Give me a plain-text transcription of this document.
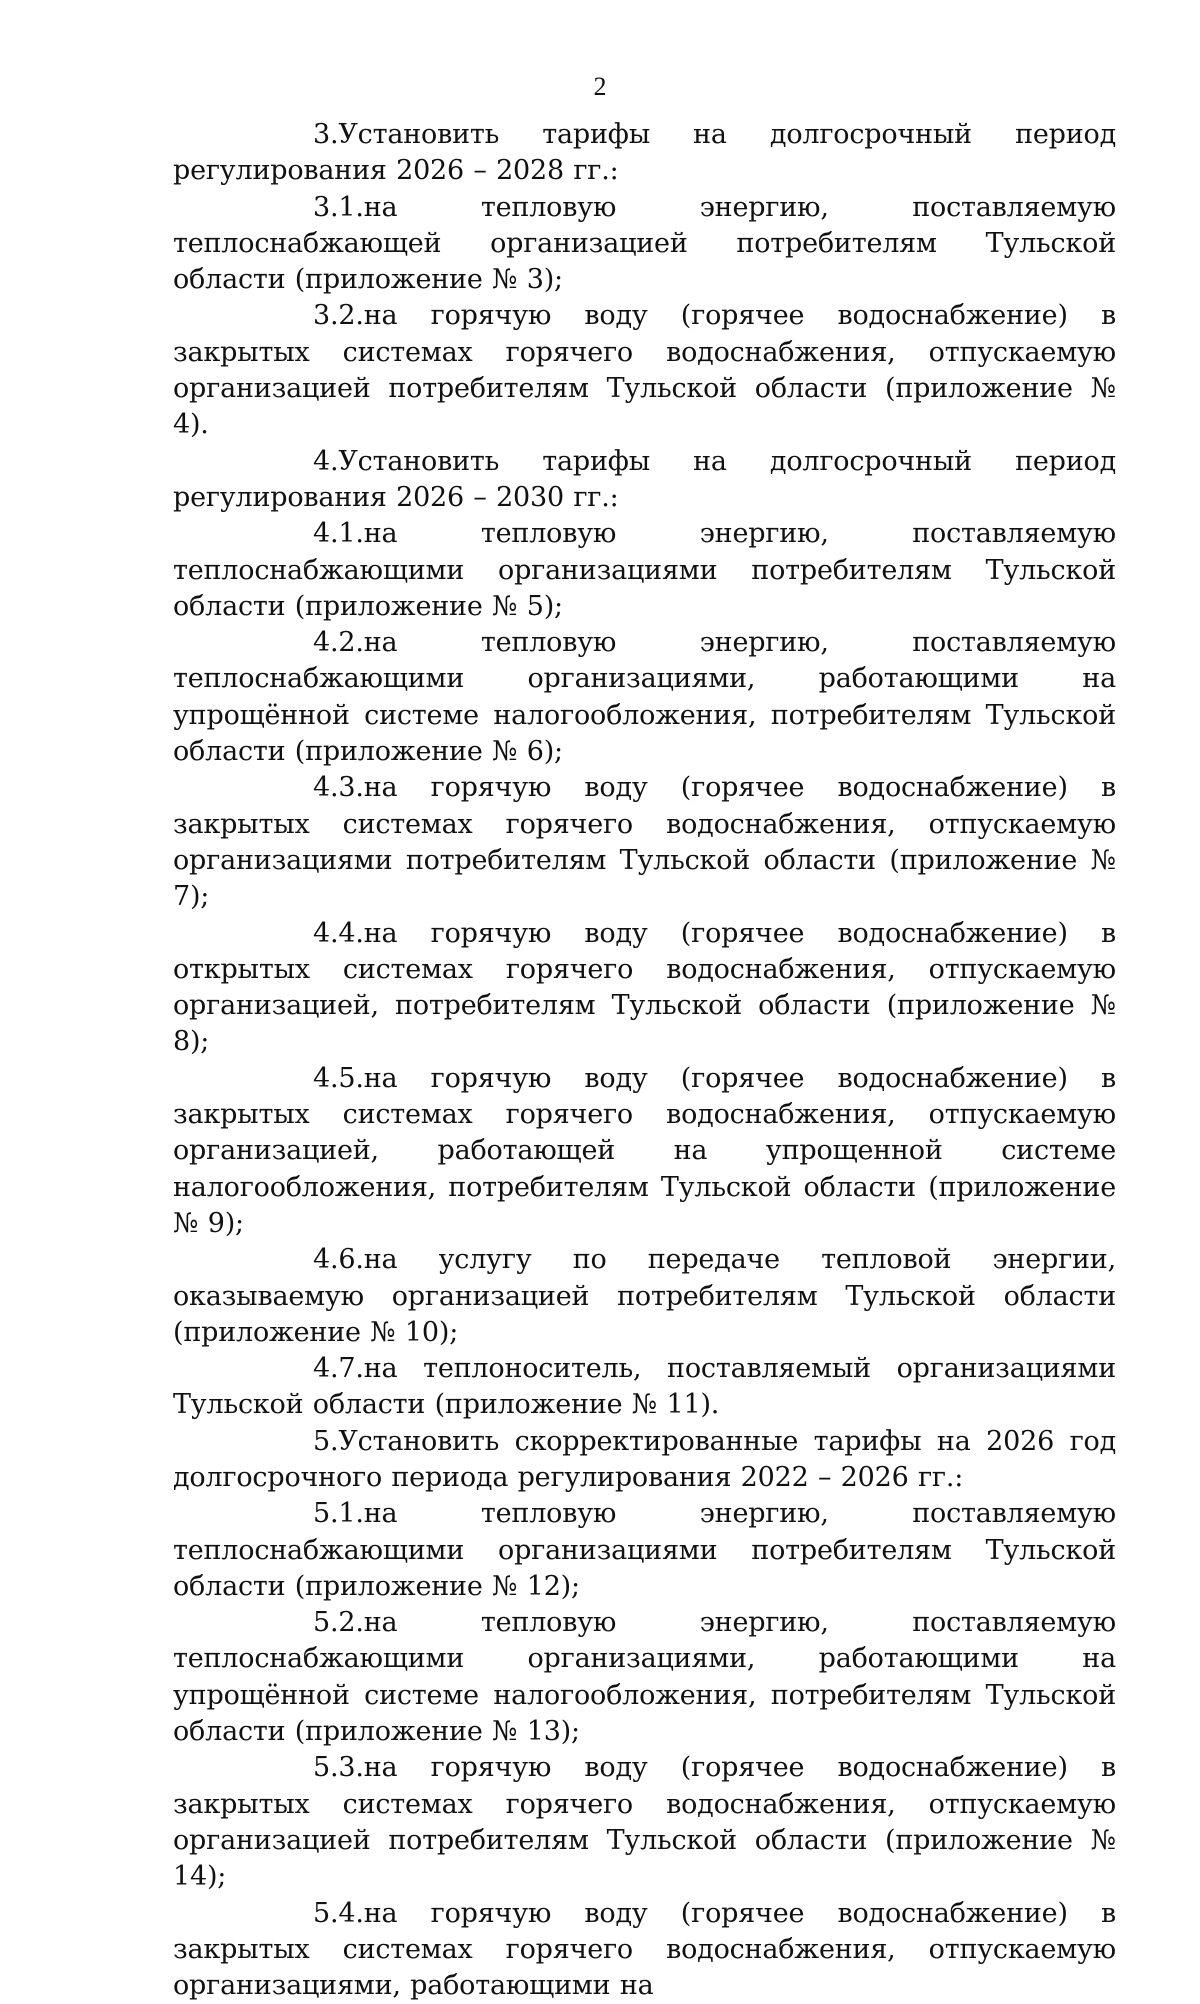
2

3.Установить тарифы на долгосрочный период регулирования 2026 – 2028 гг.:

3.1.на тепловую энергию, поставляемую теплоснабжающей организацией потребителям Тульской области (приложение № 3);

3.2.на горячую воду (горячее водоснабжение) в закрытых системах горячего водоснабжения, отпускаемую организацией потребителям Тульской области (приложение № 4).

4.Установить тарифы на долгосрочный период регулирования 2026 – 2030 гг.:

4.1.на тепловую энергию, поставляемую теплоснабжающими организациями потребителям Тульской области (приложение № 5);

4.2.на тепловую энергию, поставляемую теплоснабжающими организациями, работающими на упрощённой системе налогообложения, потребителям Тульской области (приложение № 6);

4.3.на горячую воду (горячее водоснабжение) в закрытых системах горячего водоснабжения, отпускаемую организациями потребителям Тульской области (приложение № 7);

4.4.на горячую воду (горячее водоснабжение) в открытых системах горячего водоснабжения, отпускаемую организацией, потребителям Тульской области (приложение № 8);

4.5.на горячую воду (горячее водоснабжение) в закрытых системах горячего водоснабжения, отпускаемую организацией, работающей на упрощенной системе налогообложения, потребителям Тульской области (приложение № 9);

4.6.на услугу по передаче тепловой энергии, оказываемую организацией потребителям Тульской области (приложение № 10);

4.7.на теплоноситель, поставляемый организациями Тульской области (приложение № 11).

5.Установить скорректированные тарифы на 2026 год долгосрочного периода регулирования 2022 – 2026 гг.:

5.1.на тепловую энергию, поставляемую теплоснабжающими организациями потребителям Тульской области (приложение № 12);

5.2.на тепловую энергию, поставляемую теплоснабжающими организациями, работающими на упрощённой системе налогообложения, потребителям Тульской области (приложение № 13);

5.3.на горячую воду (горячее водоснабжение) в закрытых системах горячего водоснабжения, отпускаемую организацией потребителям Тульской области (приложение № 14);

5.4.на горячую воду (горячее водоснабжение) в закрытых системах горячего водоснабжения, отпускаемую организациями, работающими на
